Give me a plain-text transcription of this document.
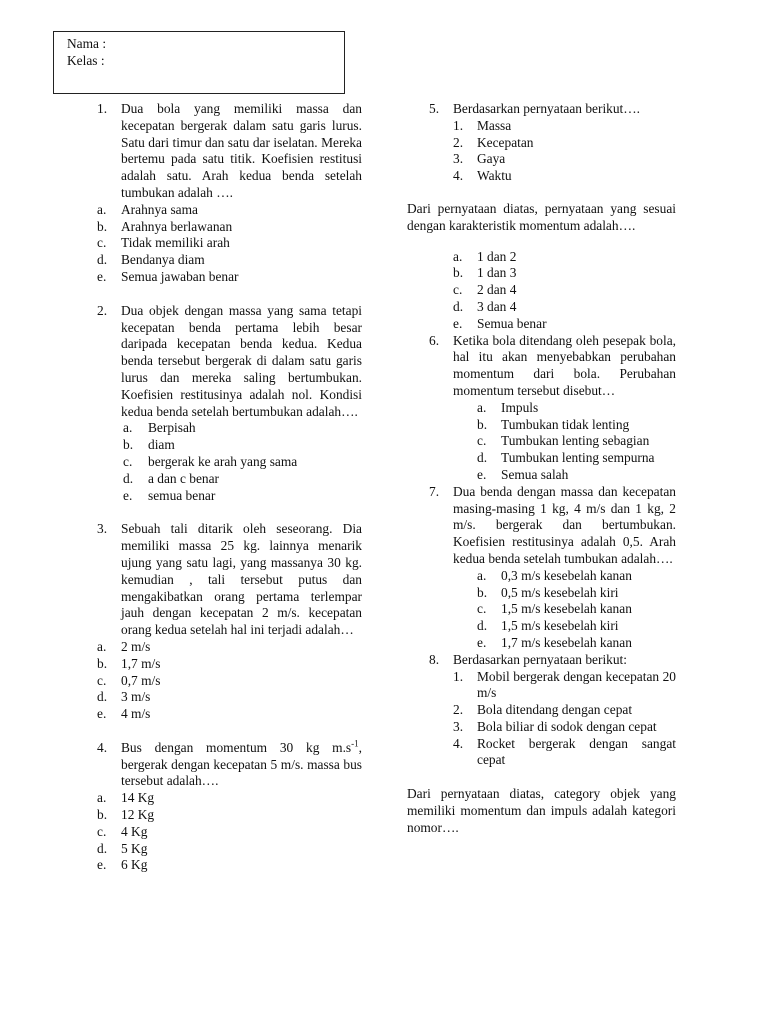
Nama :
Kelas :
1. Dua bola yang memiliki massa dan kecepatan bergerak dalam satu garis lurus. Satu dari timur dan satu dar iselatan. Mereka bertemu pada satu titik. Koefisien restitusi adalah satu. Arah kedua benda setelah tumbukan adalah ….
a. Arahnya sama
b. Arahnya berlawanan
c. Tidak memiliki arah
d. Bendanya diam
e. Semua jawaban benar
2. Dua objek dengan massa yang sama tetapi kecepatan benda pertama lebih besar daripada kecepatan benda kedua. Kedua benda tersebut bergerak di dalam satu garis lurus dan mereka saling bertumbukan. Koefisien restitusinya adalah nol. Kondisi kedua benda setelah bertumbukan adalah….
a. Berpisah
b. diam
c. bergerak ke arah yang sama
d. a dan c benar
e. semua benar
3. Sebuah tali ditarik oleh seseorang. Dia memiliki massa 25 kg. lainnya menarik ujung yang satu lagi, yang massanya 30 kg. kemudian , tali tersebut putus dan mengakibatkan orang pertama terlempar jauh dengan kecepatan 2 m/s. kecepatan orang kedua setelah hal ini terjadi adalah…
a. 2 m/s
b. 1,7 m/s
c. 0,7 m/s
d. 3 m/s
e. 4 m/s
4. Bus dengan momentum 30 kg $m.s^{-1}$, bergerak dengan kecepatan 5 m/s. massa bus tersebut adalah….
a. 14 Kg
b. 12 Kg
c. 4 Kg
d. 5 Kg
e. 6 Kg
5. Berdasarkan pernyataan berikut….
1. Massa
2. Kecepatan
3. Gaya
4. Waktu
Dari pernyataan diatas, pernyataan yang sesuai dengan karakteristik momentum adalah….
a. 1 dan 2
b. 1 dan 3
c. 2 dan 4
d. 3 dan 4
e. Semua benar
6. Ketika bola ditendang oleh pesepak bola, hal itu akan menyebabkan perubahan momentum dari bola. Perubahan momentum tersebut disebut…
a. Impuls
b. Tumbukan tidak lenting
c. Tumbukan lenting sebagian
d. Tumbukan lenting sempurna
e. Semua salah
7. Dua benda dengan massa dan kecepatan masing-masing 1 kg, 4 m/s dan 1 kg, 2 m/s. bergerak dan bertumbukan. Koefisien restitusinya adalah 0,5. Arah kedua benda setelah tumbukan adalah….
a. 0,3 m/s kesebelah kanan
b. 0,5 m/s kesebelah kiri
c. 1,5 m/s kesebelah kanan
d. 1,5 m/s kesebelah kiri
e. 1,7 m/s kesebelah kanan
8. Berdasarkan pernyataan berikut:
1. Mobil bergerak dengan kecepatan 20 m/s
2. Bola ditendang dengan cepat
3. Bola biliar di sodok dengan cepat
4. Rocket bergerak dengan sangat cepat
Dari pernyataan diatas, category objek yang memiliki momentum dan impuls adalah kategori nomor….
